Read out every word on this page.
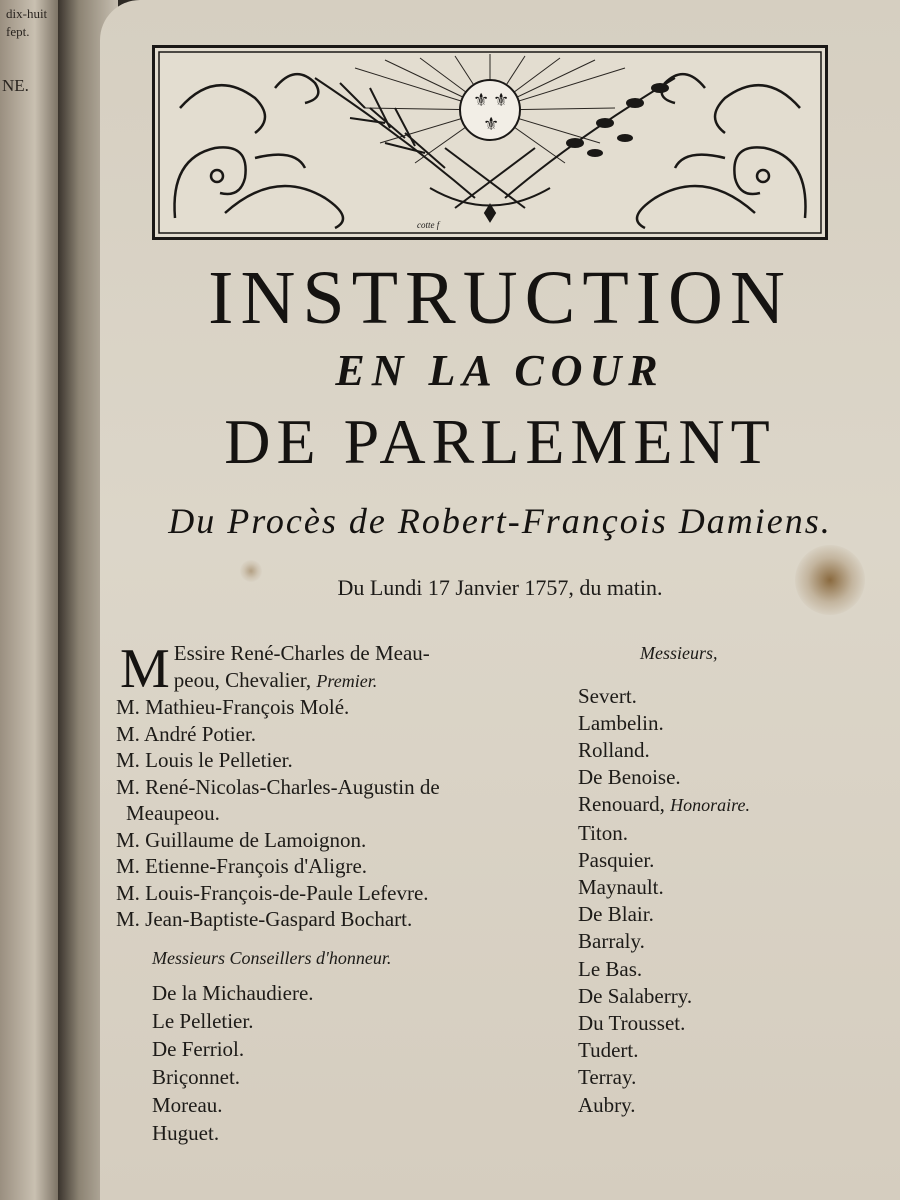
dix-huit
fept.
NE.
⚜ ⚜
⚜
cotte f
INSTRUCTION
EN LA COUR
DE PARLEMENT
Du Procès de Robert-François Damiens.
Du Lundi 17 Janvier 1757, du matin.
M Essire René-Charles de Meau-
peou, Chevalier, Premier.
M. Mathieu-François Molé.
M. André Potier.
M. Louis le Pelletier.
M. René-Nicolas-Charles-Augustin de
Meaupeou.
M. Guillaume de Lamoignon.
M. Etienne-François d'Aligre.
M. Louis-François-de-Paule Lefevre.
M. Jean-Baptiste-Gaspard Bochart.
Messieurs Conseillers d'honneur.
De la Michaudiere.
Le Pelletier.
De Ferriol.
Briçonnet.
Moreau.
Huguet.
Messieurs,
Severt.
Lambelin.
Rolland.
De Benoise.
Renouard, Honoraire.
Titon.
Pasquier.
Maynault.
De Blair.
Barraly.
Le Bas.
De Salaberry.
Du Trousset.
Tudert.
Terray.
Aubry.
